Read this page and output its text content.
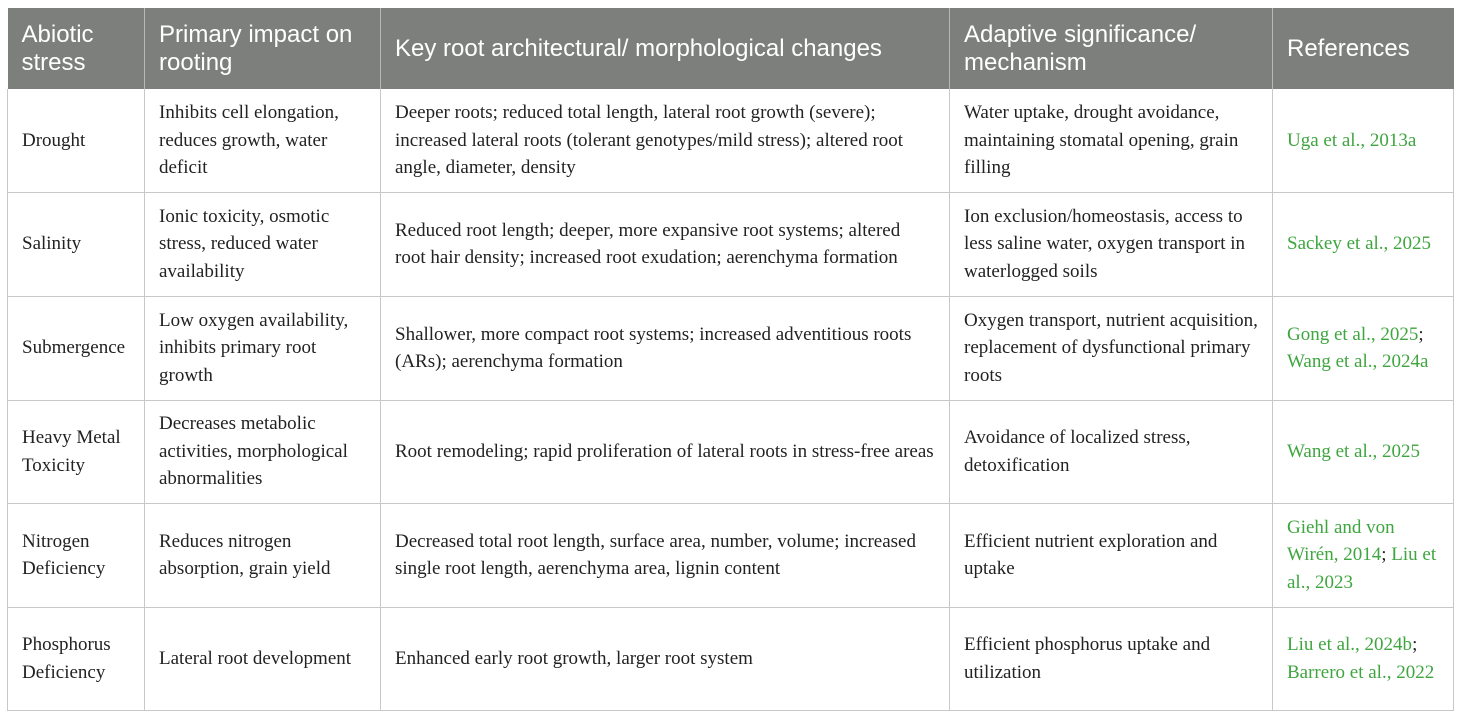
Abiotic stress	Primary impact on rooting	Key root architectural/ morphological changes	Adaptive significance/ mechanism	References
Drought	Inhibits cell elongation, reduces growth, water deficit	Deeper roots; reduced total length, lateral root growth (severe); increased lateral roots (tolerant genotypes/mild stress); altered root angle, diameter, density	Water uptake, drought avoidance, maintaining stomatal opening, grain filling	Uga et al., 2013a
Salinity	Ionic toxicity, osmotic stress, reduced water availability	Reduced root length; deeper, more expansive root systems; altered root hair density; increased root exudation; aerenchyma formation	Ion exclusion/homeostasis, access to less saline water, oxygen transport in waterlogged soils	Sackey et al., 2025
Submergence	Low oxygen availability, inhibits primary root growth	Shallower, more compact root systems; increased adventitious roots (ARs); aerenchyma formation	Oxygen transport, nutrient acquisition, replacement of dysfunctional primary roots	Gong et al., 2025; Wang et al., 2024a
Heavy Metal Toxicity	Decreases metabolic activities, morphological abnormalities	Root remodeling; rapid proliferation of lateral roots in stress-free areas	Avoidance of localized stress, detoxification	Wang et al., 2025
Nitrogen Deficiency	Reduces nitrogen absorption, grain yield	Decreased total root length, surface area, number, volume; increased single root length, aerenchyma area, lignin content	Efficient nutrient exploration and uptake	Giehl and von Wirén, 2014; Liu et al., 2023
Phosphorus Deficiency	Lateral root development	Enhanced early root growth, larger root system	Efficient phosphorus uptake and utilization	Liu et al., 2024b; Barrero et al., 2022
